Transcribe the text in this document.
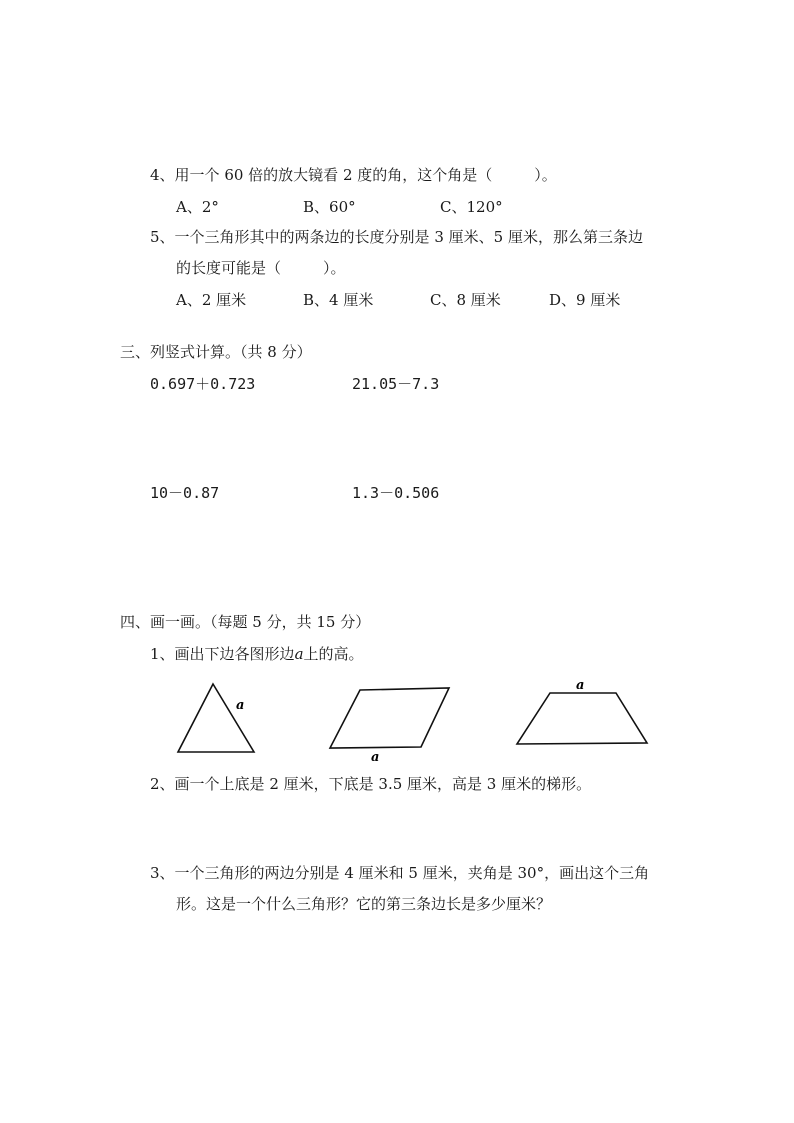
4、用一个 60 倍的放大镜看 2 度的角，这个角是（	）。
A、2°	B、60°	C、120°
5、一个三角形其中的两条边的长度分别是 3 厘米、5 厘米，那么第三条边
的长度可能是（	）。
A、2 厘米	B、4 厘米	C、8 厘米	D、9 厘米
三、列竖式计算。（共 8 分）
0.697＋0.723	21.05－7.3
10－0.87	1.3－0.506
四、画一画。（每题 5 分，共 15 分）
1、画出下边各图形边a上的高。
a
a
a
2、画一个上底是 2 厘米，下底是 3.5 厘米，高是 3 厘米的梯形。
3、一个三角形的两边分别是 4 厘米和 5 厘米，夹角是 30°，画出这个三角
形。这是一个什么三角形？它的第三条边长是多少厘米？
